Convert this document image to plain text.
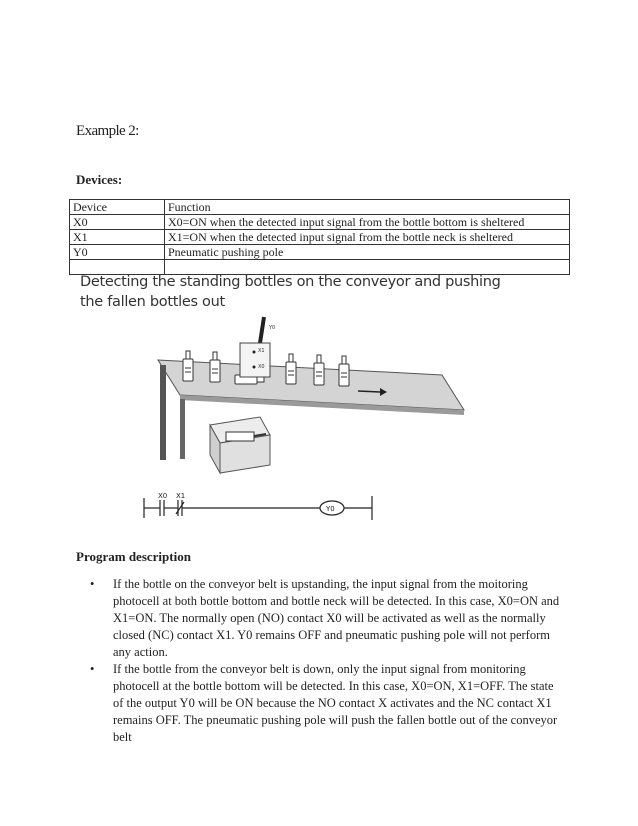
Example 2:
Devices:
Device	Function
X0	X0=ON when the detected input signal from the bottle bottom is sheltered
X1	X1=ON when the detected input signal from the bottle neck is sheltered
Y0	Pneumatic pushing pole

Detecting the standing bottles on the conveyor and pushing
the fallen bottles out
Y0
X1
X0
X0 X1
Y0
Program description
• If the bottle on the conveyor belt is upstanding, the input signal from the moitoring photocell at both bottle bottom and bottle neck will be detected. In this case, X0=ON and X1=ON. The normally open (NO) contact X0 will be activated as well as the normally closed (NC) contact X1. Y0 remains OFF and pneumatic pushing pole will not perform any action.
• If the bottle from the conveyor belt is down, only the input signal from monitoring photocell at the bottle bottom will be detected. In this case, X0=ON, X1=OFF. The state of the output Y0 will be ON because the NO contact X activates and the NC contact X1 remains OFF. The pneumatic pushing pole will push the fallen bottle out of the conveyor belt
